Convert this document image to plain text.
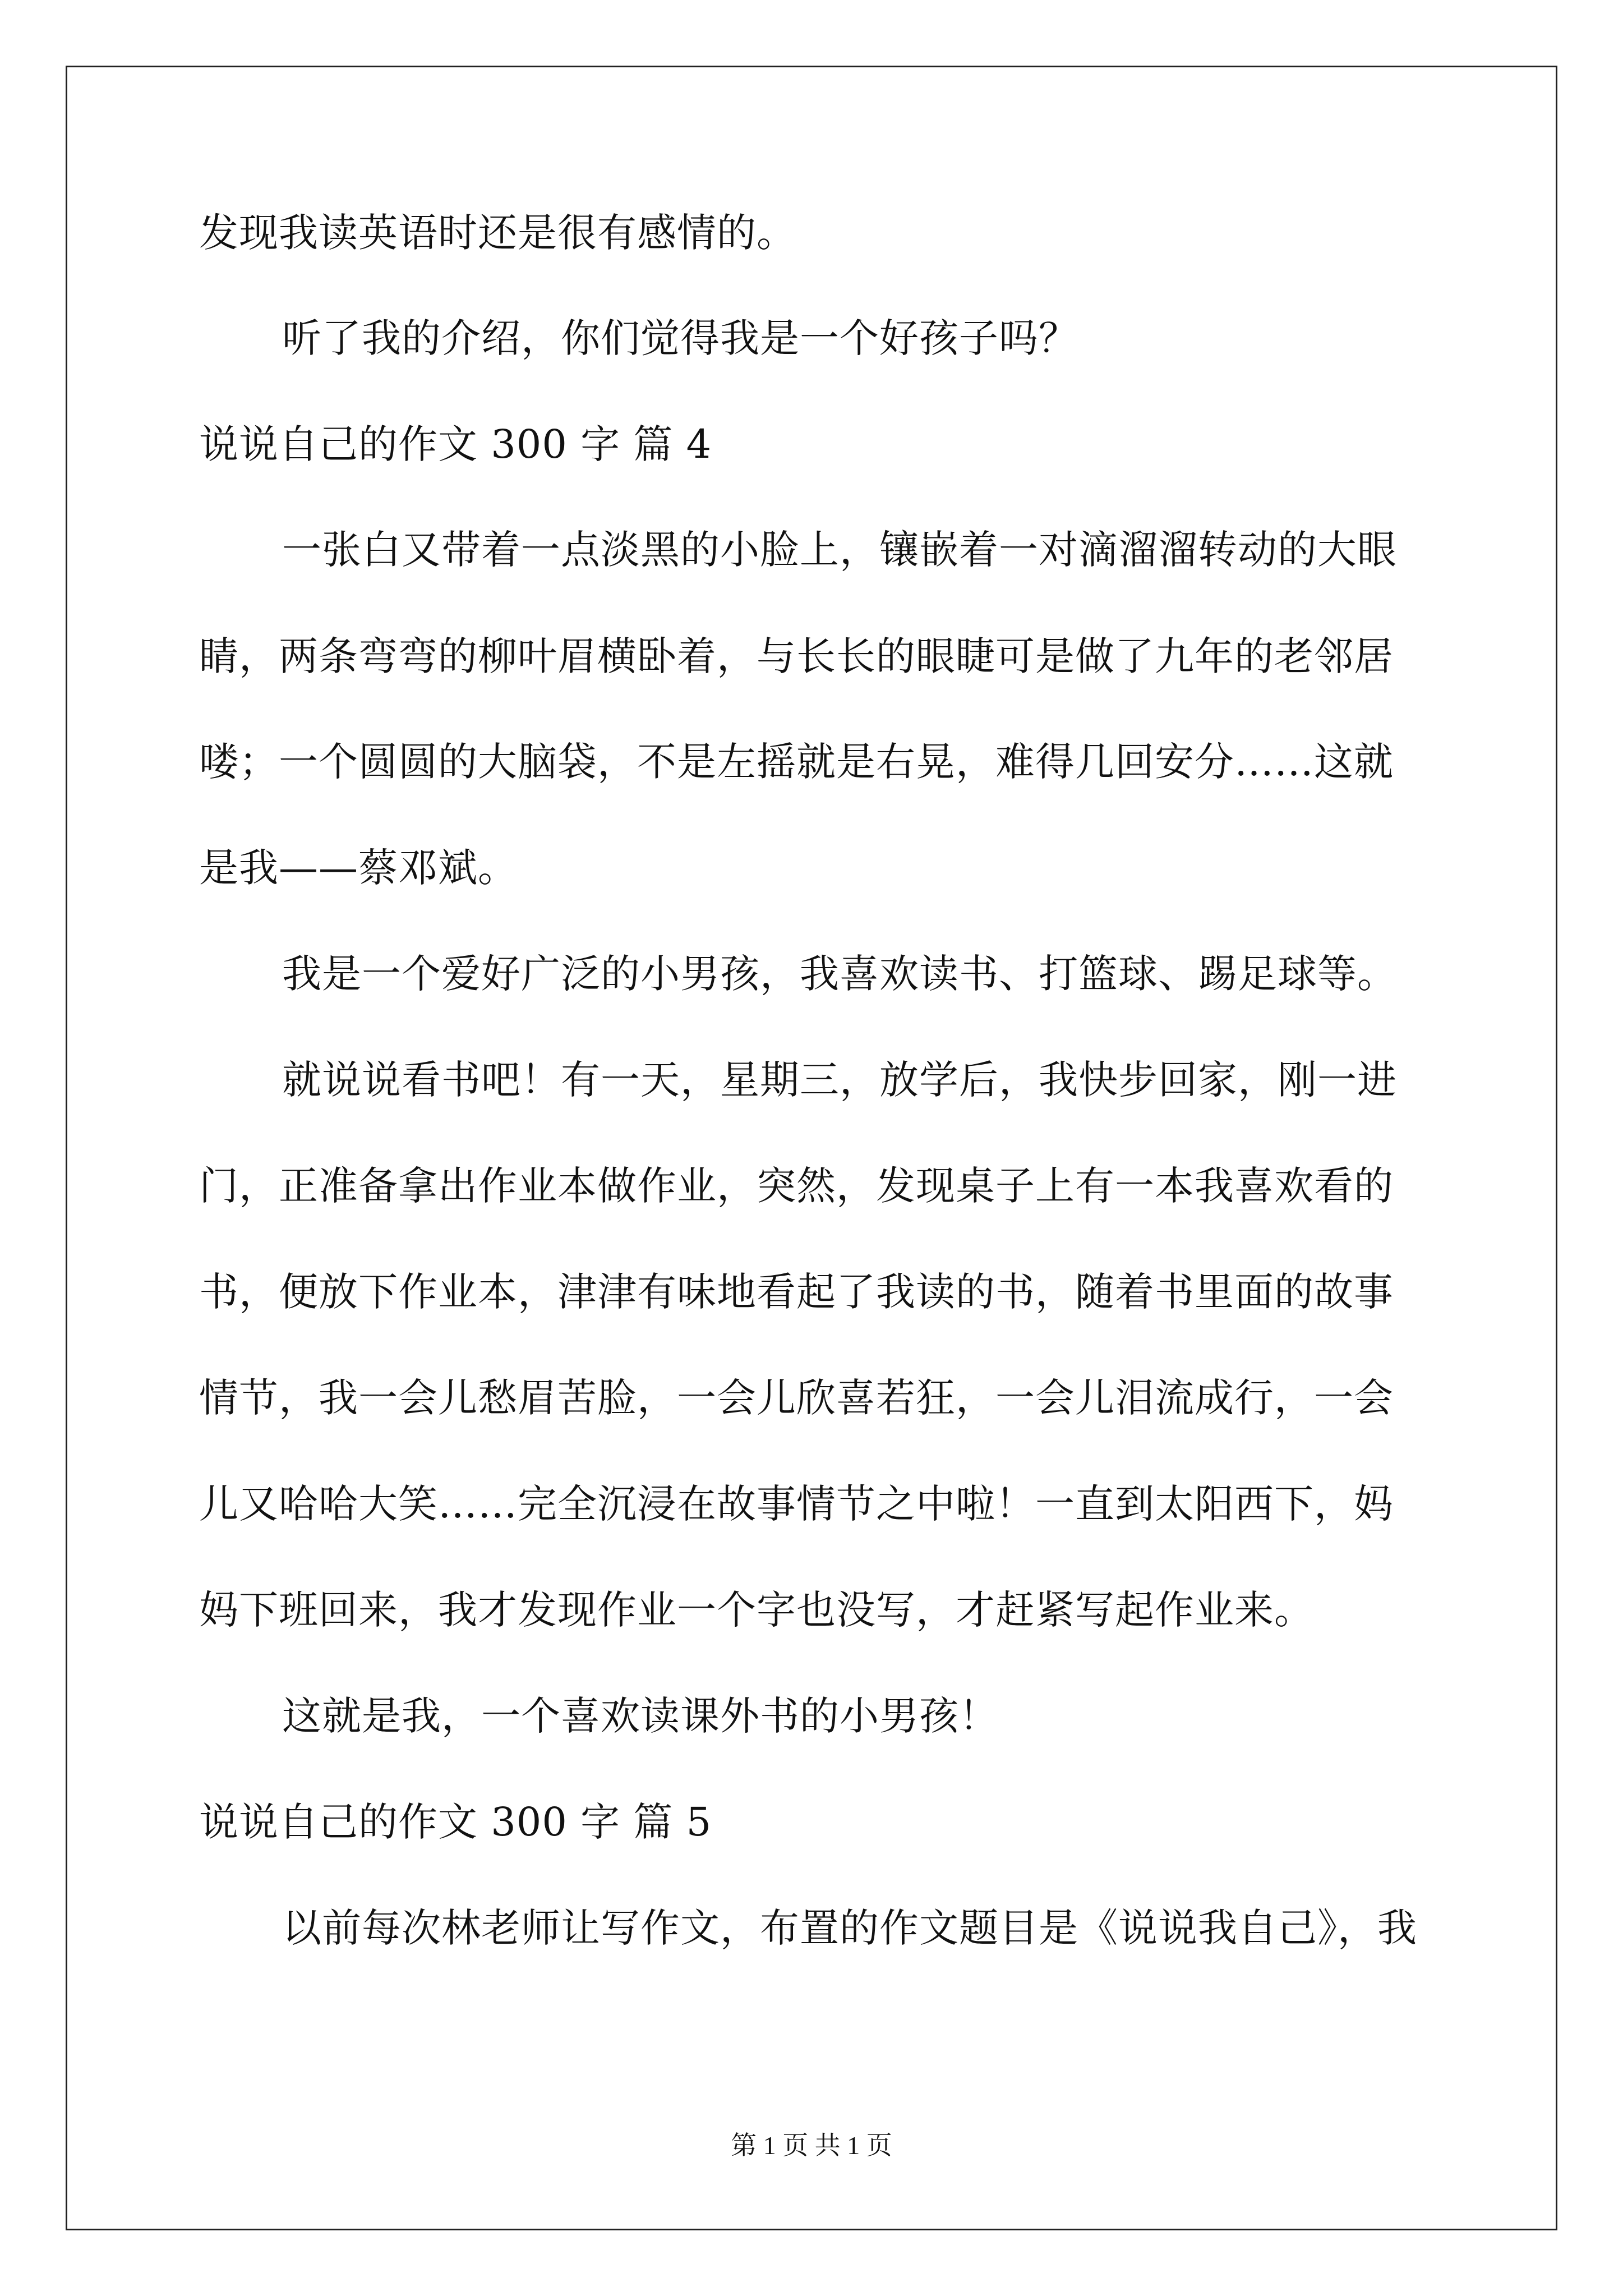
发现我读英语时还是很有感情的。
听了我的介绍，你们觉得我是一个好孩子吗？
说说自己的作文 300 字 篇 4
一张白又带着一点淡黑的小脸上，镶嵌着一对滴溜溜转动的大眼
睛，两条弯弯的柳叶眉横卧着，与长长的眼睫可是做了九年的老邻居
喽；一个圆圆的大脑袋，不是左摇就是右晃，难得几回安分……这就
是我——蔡邓斌。
我是一个爱好广泛的小男孩，我喜欢读书、打篮球、踢足球等。
就说说看书吧！有一天，星期三，放学后，我快步回家，刚一进
门，正准备拿出作业本做作业，突然，发现桌子上有一本我喜欢看的
书，便放下作业本，津津有味地看起了我读的书，随着书里面的故事
情节，我一会儿愁眉苦脸，一会儿欣喜若狂，一会儿泪流成行，一会
儿又哈哈大笑……完全沉浸在故事情节之中啦！一直到太阳西下，妈
妈下班回来，我才发现作业一个字也没写，才赶紧写起作业来。
这就是我，一个喜欢读课外书的小男孩！
说说自己的作文 300 字 篇 5
以前每次林老师让写作文，布置的作文题目是《说说我自己》，我
第 1 页 共 1 页
